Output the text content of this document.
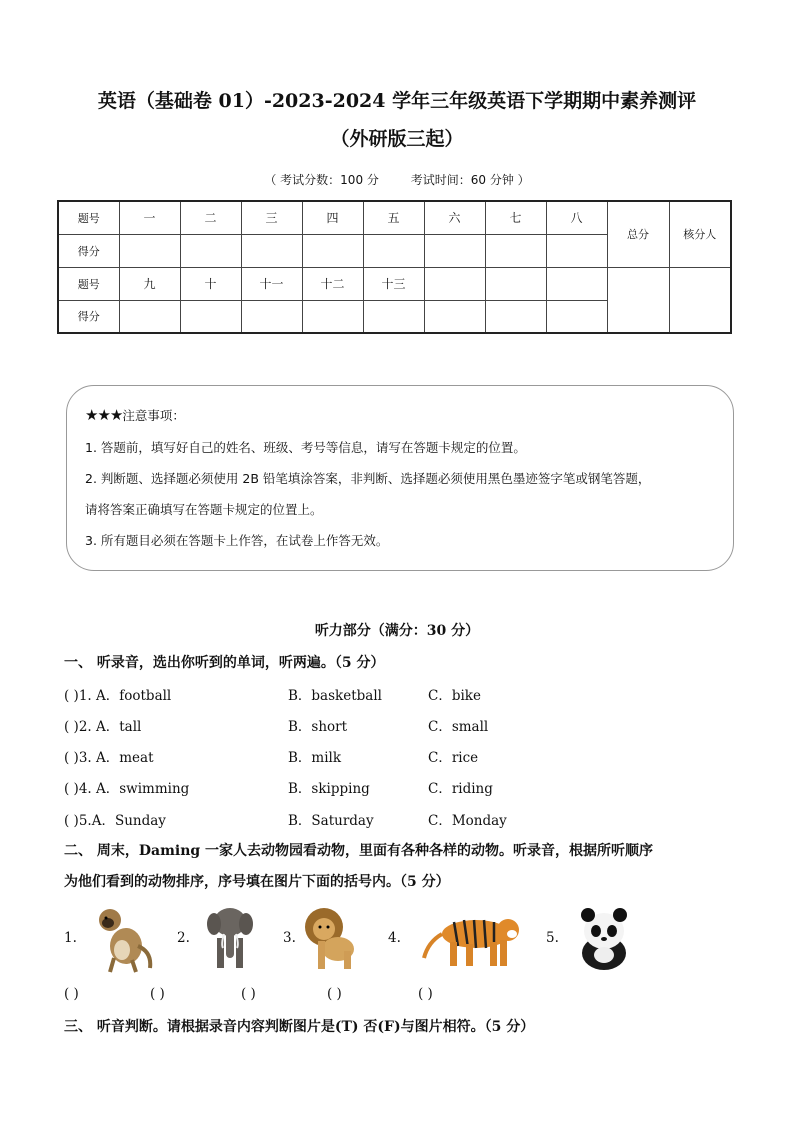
英语（基础卷 01）-2023-2024 学年三年级英语下学期期中素养测评
（外研版三起）
（ 考试分数：100 分	考试时间：60 分钟 ）
题号	一	二	三	四	五	六	七	八	总分	核分人
得分										
题号	九	十	十一	十二	十三					
得分										
★★★注意事项：

1. 答题前，填写好自己的姓名、班级、考号等信息，请写在答题卡规定的位置。

2. 判断题、选择题必须使用 2B 铅笔填涂答案，非判断、选择题必须使用黑色墨迹签字笔或钢笔答题，

请将答案正确填写在答题卡规定的位置上。

3. 所有题目必须在答题卡上作答，在试卷上作答无效。

听力部分（满分：30 分）
一、 听录音，选出你听到的单词，听两遍。（5 分）
( )1. A．football	B．basketball	C．bike
( )2. A．tall	B．short	C．small
( )3. A．meat	B．milk	C．rice
( )4. A．swimming	B．skipping	C．riding
( )5.A．Sunday	B．Saturday	C．Monday
二、 周末，Daming 一家人去动物园看动物，里面有各种各样的动物。听录音，根据所听顺序
为他们看到的动物排序，序号填在图片下面的括号内。（5 分）
1.	2.	3.	4.	5.
( )	( )	( )	( )	( )
三、 听音判断。请根据录音内容判断图片是(T) 否(F)与图片相符。（5 分）
